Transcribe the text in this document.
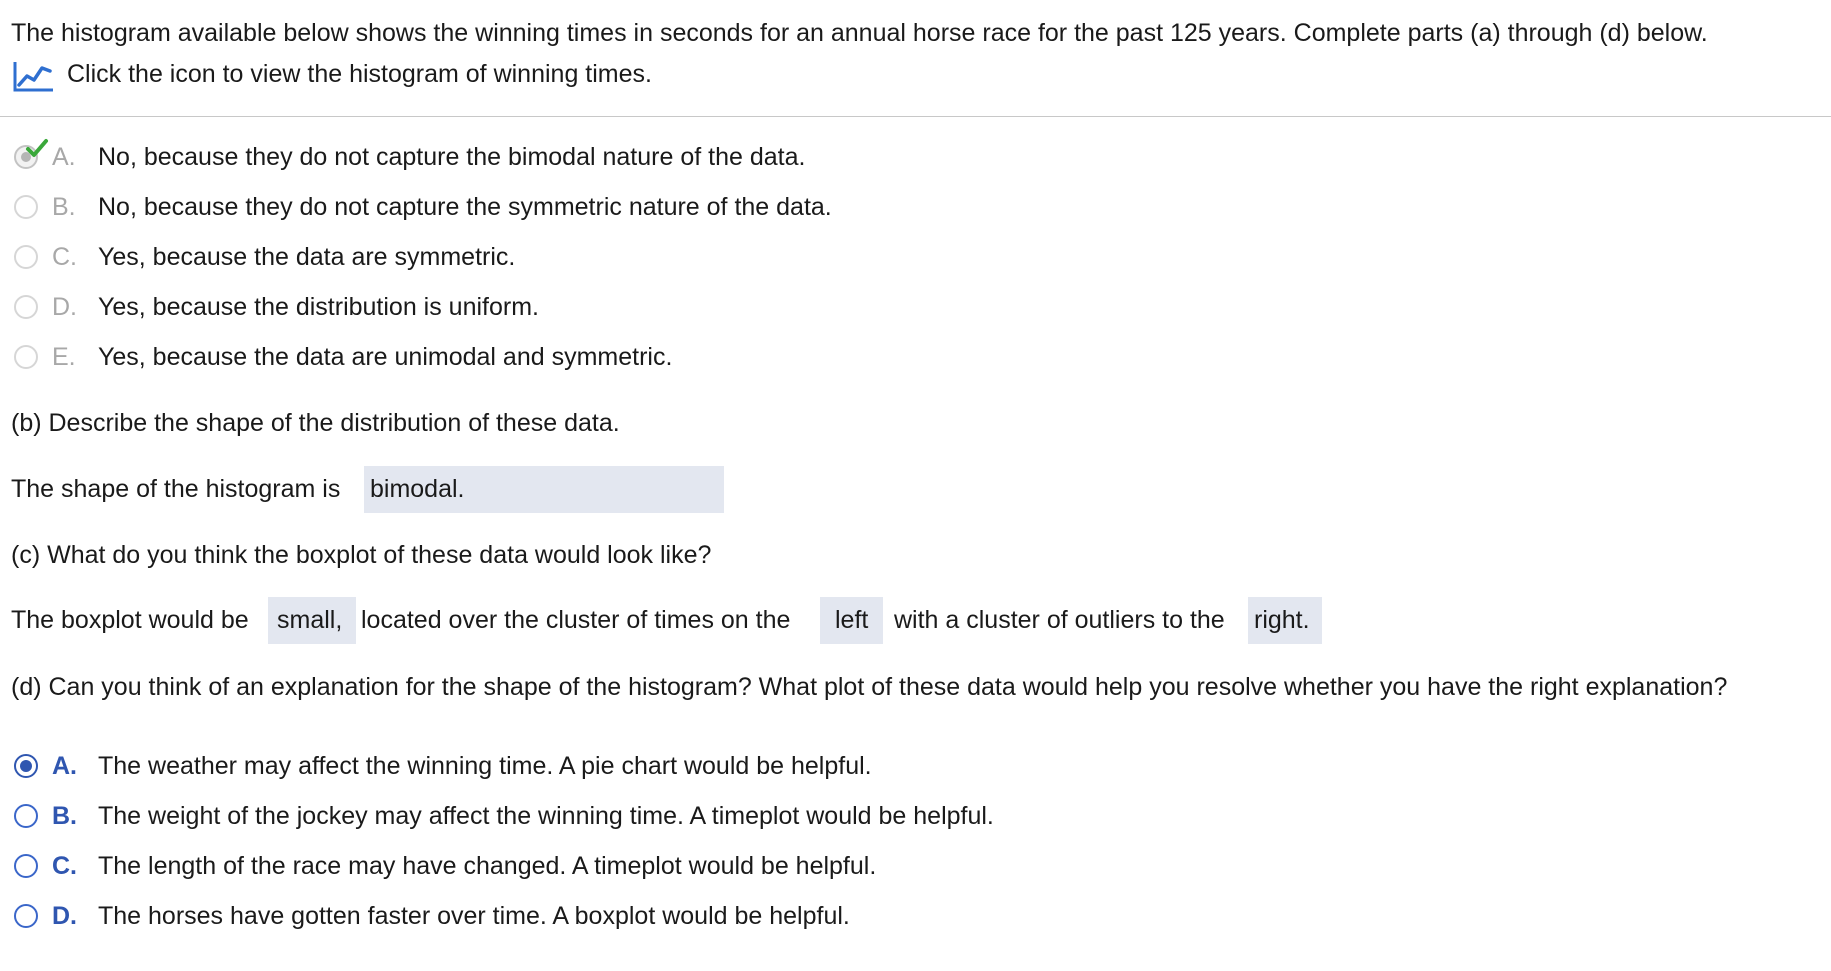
The histogram available below shows the winning times in seconds for an annual horse race for the past 125 years. Complete parts (a) through (d) below.
Click the icon to view the histogram of winning times.
A. No, because they do not capture the bimodal nature of the data.
B. No, because they do not capture the symmetric nature of the data.
C. Yes, because the data are symmetric.
D. Yes, because the distribution is uniform.
E. Yes, because the data are unimodal and symmetric.
(b) Describe the shape of the distribution of these data.
The shape of the histogram is bimodal.
(c) What do you think the boxplot of these data would look like?
The boxplot would be	small, located over the cluster of times on the	left	with a cluster of outliers to the right.
(d) Can you think of an explanation for the shape of the histogram? What plot of these data would help you resolve whether you have the right explanation?
A. The weather may affect the winning time. A pie chart would be helpful.
B. The weight of the jockey may affect the winning time. A timeplot would be helpful.
C. The length of the race may have changed. A timeplot would be helpful.
D. The horses have gotten faster over time. A boxplot would be helpful.
